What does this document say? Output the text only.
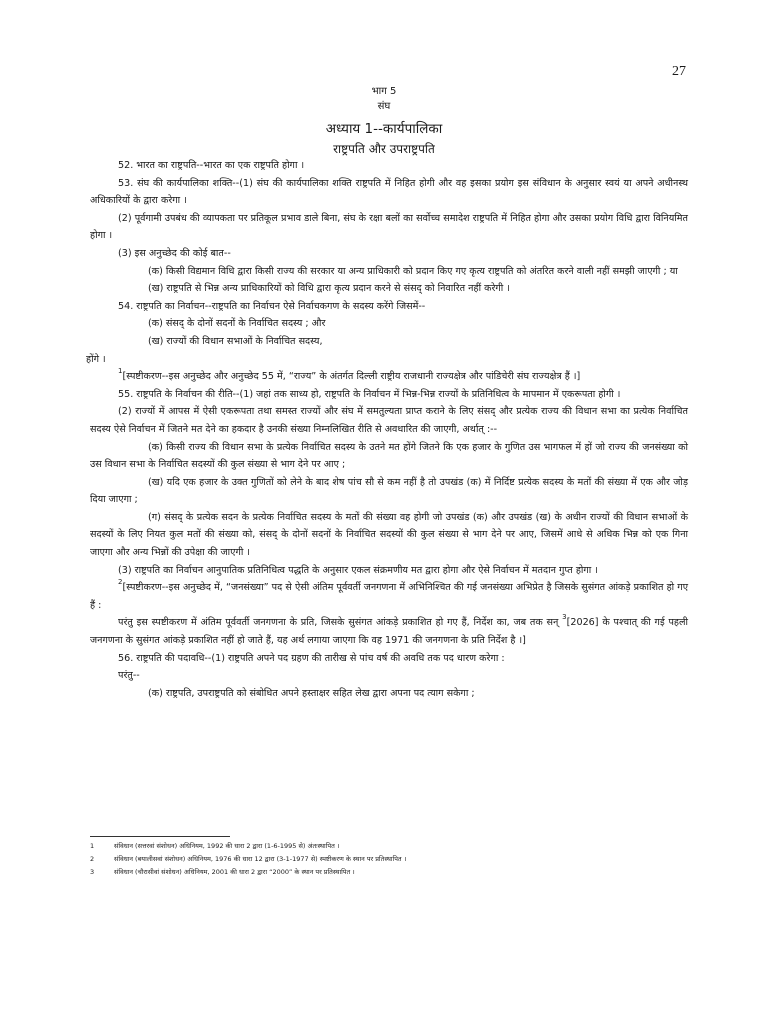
27
भाग 5
संघ
अध्याय 1--कार्यपालिका
राष्ट्रपति और उपराष्ट्रपति

52. भारत का राष्ट्रपति--भारत का एक राष्ट्रपति होगा ।

53. संघ की कार्यपालिका शक्ति--(1) संघ की कार्यपालिका शक्ति राष्ट्रपति में निहित होगी और वह इसका प्रयोग इस संविधान के अनुसार स्वयं या अपने अधीनस्थ अधिकारियों के द्वारा करेगा ।

(2) पूर्वगामी उपबंध की व्यापकता पर प्रतिकूल प्रभाव डाले बिना, संघ के रक्षा बलों का सर्वोच्च समादेश राष्ट्रपति में निहित होगा और उसका प्रयोग विधि द्वारा विनियमित होगा ।

(3) इस अनुच्छेद की कोई बात--

(क) किसी विद्यमान विधि द्वारा किसी राज्य की सरकार या अन्य प्राधिकारी को प्रदान किए गए कृत्य राष्ट्रपति को अंतरित करने वाली नहीं समझी जाएगी ; या

(ख) राष्ट्रपति से भिन्न अन्य प्राधिकारियों को विधि द्वारा कृत्य प्रदान करने से संसद् को निवारित नहीं करेगी ।

54. राष्ट्रपति का निर्वाचन--राष्ट्रपति का निर्वाचन ऐसे निर्वाचकगण के सदस्य करेंगे जिसमें--

(क) संसद् के दोनों सदनों के निर्वाचित सदस्य ; और

(ख) राज्यों की विधान सभाओं के निर्वाचित सदस्य,

होंगे ।

$^1$[स्पष्टीकरण--इस अनुच्छेद और अनुच्छेद 55 में, “राज्य” के अंतर्गत दिल्ली राष्ट्रीय राजधानी राज्यक्षेत्र और पांडिचेरी संघ राज्यक्षेत्र हैं ।]

55. राष्ट्रपति के निर्वाचन की रीति--(1) जहां तक साध्य हो, राष्ट्रपति के निर्वाचन में भिन्न-भिन्न राज्यों के प्रतिनिधित्व के मापमान में एकरूपता होगी ।

(2) राज्यों में आपस में ऐसी एकरूपता तथा समस्त राज्यों और संघ में समतुल्यता प्राप्त कराने के लिए संसद् और प्रत्येक राज्य की विधान सभा का प्रत्येक निर्वाचित सदस्य ऐसे निर्वाचन में जितने मत देने का हकदार है उनकी संख्या निम्नलिखित रीति से अवधारित की जाएगी, अर्थात् :--

(क) किसी राज्य की विधान सभा के प्रत्येक निर्वाचित सदस्य के उतने मत होंगे जितने कि एक हजार के गुणित उस भागफल में हों जो राज्य की जनसंख्या को उस विधान सभा के निर्वाचित सदस्यों की कुल संख्या से भाग देने पर आए ;

(ख) यदि एक हजार के उक्त गुणितों को लेने के बाद शेष पांच सौ से कम नहीं है तो उपखंड (क) में निर्दिष्ट प्रत्येक सदस्य के मतों की संख्या में एक और जोड़ दिया जाएगा ;

(ग) संसद् के प्रत्येक सदन के प्रत्येक निर्वाचित सदस्य के मतों की संख्या वह होगी जो उपखंड (क) और उपखंड (ख) के अधीन राज्यों की विधान सभाओं के सदस्यों के लिए नियत कुल मतों की संख्या को, संसद् के दोनों सदनों के निर्वाचित सदस्यों की कुल संख्या से भाग देने पर आए, जिसमें आधे से अधिक भिन्न को एक गिना जाएगा और अन्य भिन्नों की उपेक्षा की जाएगी ।

(3) राष्ट्रपति का निर्वाचन आनुपातिक प्रतिनिधित्व पद्धति के अनुसार एकल संक्रमणीय मत द्वारा होगा और ऐसे निर्वाचन में मतदान गुप्त होगा ।

$^2$[स्पष्टीकरण--इस अनुच्छेद में, “जनसंख्या” पद से ऐसी अंतिम पूर्ववर्ती जनगणना में अभिनिश्चित की गई जनसंख्या अभिप्रेत है जिसके सुसंगत आंकड़े प्रकाशित हो गए हैं :

परंतु इस स्पष्टीकरण में अंतिम पूर्ववर्ती जनगणना के प्रति, जिसके सुसंगत आंकड़े प्रकाशित हो गए हैं, निर्देश का, जब तक सन् $^3$[2026] के पश्चात् की गई पहली जनगणना के सुसंगत आंकड़े प्रकाशित नहीं हो जाते हैं, यह अर्थ लगाया जाएगा कि वह 1971 की जनगणना के प्रति निर्देश है ।]

56. राष्ट्रपति की पदावधि--(1) राष्ट्रपति अपने पद ग्रहण की तारीख से पांच वर्ष की अवधि तक पद धारण करेगा :

परंतु--

(क) राष्ट्रपति, उपराष्ट्रपति को संबोधित अपने हस्ताक्षर सहित लेख द्वारा अपना पद त्याग सकेगा ;

1	संविधान (सत्तरवां संशोधन) अधिनियम, 1992 की धारा 2 द्वारा (1-6-1995 से) अंतःस्थापित ।
2	संविधान (बयालीसवां संशोधन) अधिनियम, 1976 की धारा 12 द्वारा (3-1-1977 से) स्पष्टीकरण के स्थान पर प्रतिस्थापित ।
3	संविधान (चौरासीवां संशोधन) अधिनियम, 2001 की धारा 2 द्वारा “2000” के स्थान पर प्रतिस्थापित ।
